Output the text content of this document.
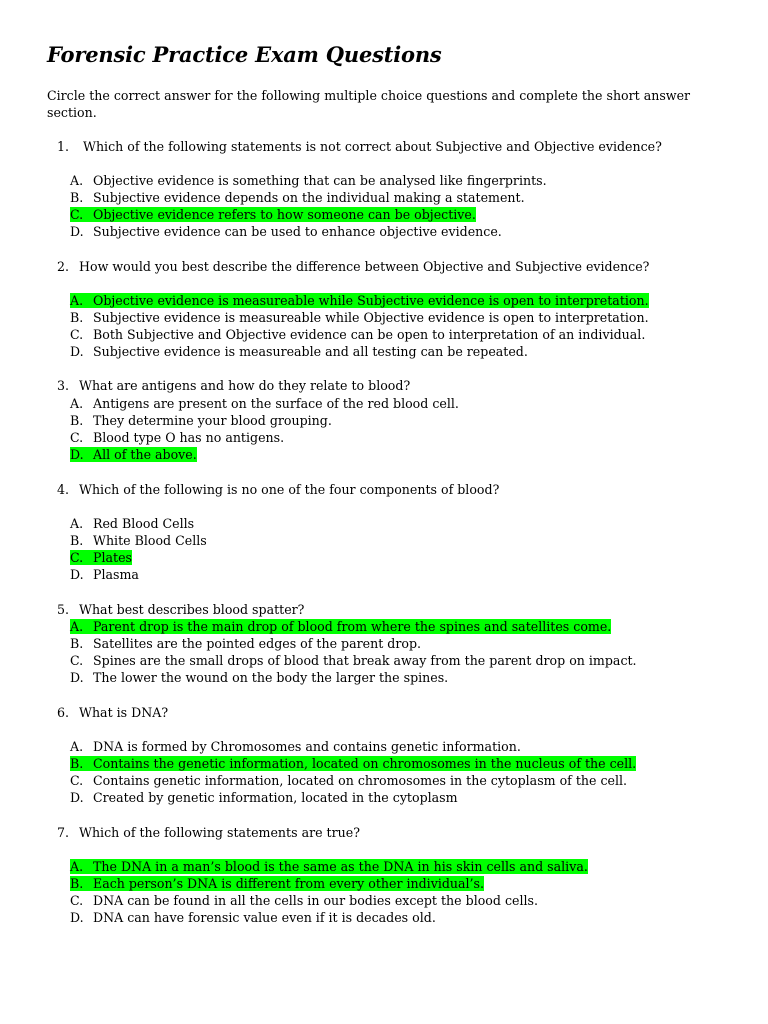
Forensic Practice Exam Questions
Circle the correct answer for the following multiple choice questions and complete the short answer section.
1. Which of the following statements is not correct about Subjective and Objective evidence?
A. Objective evidence is something that can be analysed like fingerprints.
B. Subjective evidence depends on the individual making a statement.
C. Objective evidence refers to how someone can be objective.
D. Subjective evidence can be used to enhance objective evidence.
2. How would you best describe the difference between Objective and Subjective evidence?
A. Objective evidence is measureable while Subjective evidence is open to interpretation.
B. Subjective evidence is measureable while Objective evidence is open to interpretation.
C. Both Subjective and Objective evidence can be open to interpretation of an individual.
D. Subjective evidence is measureable and all testing can be repeated.
3. What are antigens and how do they relate to blood?
A. Antigens are present on the surface of the red blood cell.
B. They determine your blood grouping.
C. Blood type O has no antigens.
D. All of the above.
4. Which of the following is no one of the four components of blood?
A. Red Blood Cells
B. White Blood Cells
C. Plates
D. Plasma
5. What best describes blood spatter?
A. Parent drop is the main drop of blood from where the spines and satellites come.
B. Satellites are the pointed edges of the parent drop.
C. Spines are the small drops of blood that break away from the parent drop on impact.
D. The lower the wound on the body the larger the spines.
6. What is DNA?
A. DNA is formed by Chromosomes and contains genetic information.
B. Contains the genetic information, located on chromosomes in the nucleus of the cell.
C. Contains genetic information, located on chromosomes in the cytoplasm of the cell.
D. Created by genetic information, located in the cytoplasm
7. Which of the following statements are true?
A. The DNA in a man’s blood is the same as the DNA in his skin cells and saliva.
B. Each person’s DNA is different from every other individual’s.
C. DNA can be found in all the cells in our bodies except the blood cells.
D. DNA can have forensic value even if it is decades old.
